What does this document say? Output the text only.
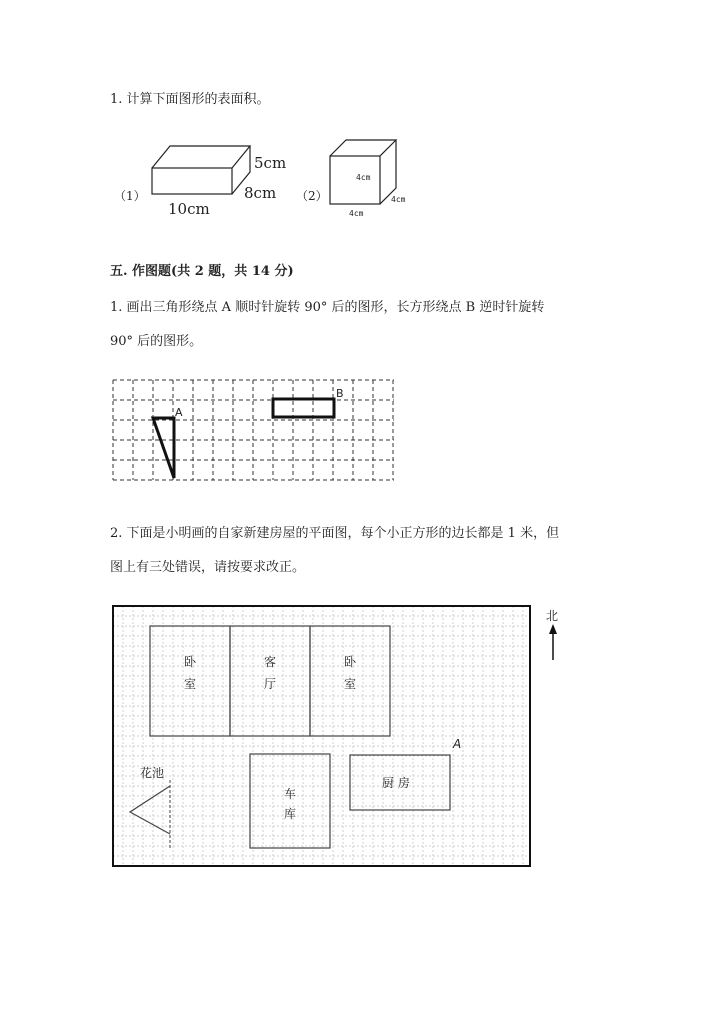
1. 计算下面图形的表面积。
（1）
5cm
8cm
10cm
（2）
4cm
4cm
4cm
五. 作图题(共 2 题，共 14 分)
1. 画出三角形绕点 A 顺时针旋转 90° 后的图形，长方形绕点 B 逆时针旋转
90° 后的图形。
A
B
2. 下面是小明画的自家新建房屋的平面图，每个小正方形的边长都是 1 米，但
图上有三处错误，请按要求改正。
卧
室
客
厅
卧
室
车
库
厨 房
花池
A
北
